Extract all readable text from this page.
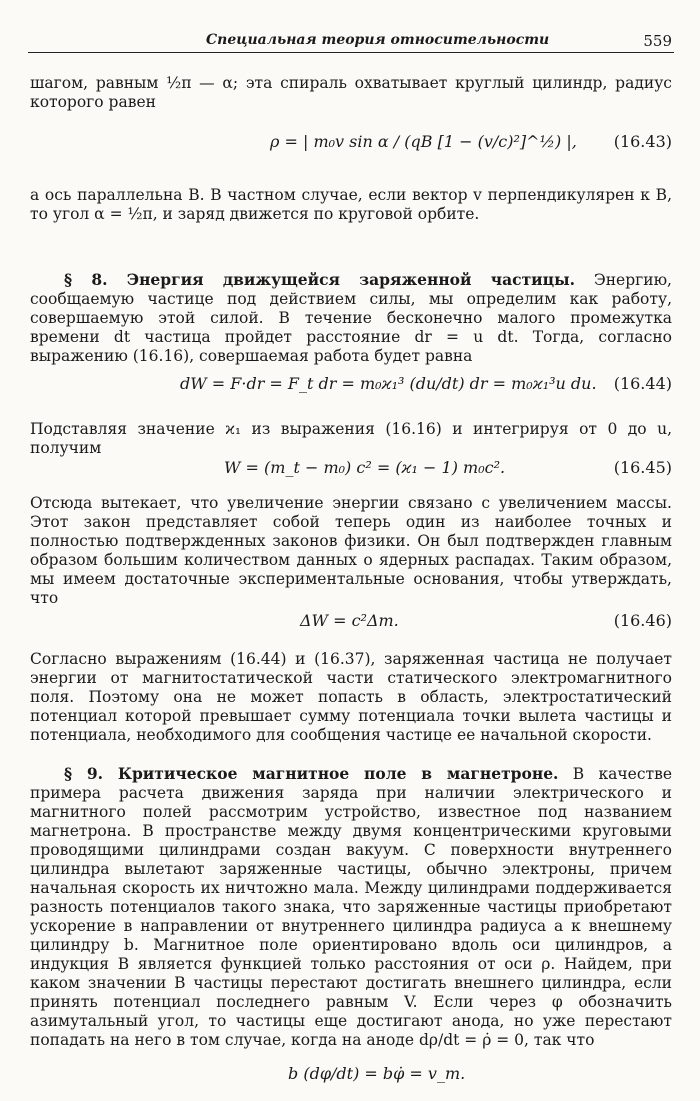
Специальная теория относительности	559
шагом, равным ½π — α; эта спираль охватывает круглый цилиндр, радиус которого равен
ρ = | m₀v sin α / (qB [1 − (v/c)²]^½) |, (16.43)
а ось параллельна B. В частном случае, если вектор v перпендикулярен к B, то угол α = ½π, и заряд движется по круговой орбите.
§ 8. Энергия движущейся заряженной частицы. Энергию, сообщаемую частице под действием силы, мы определим как работу, совершаемую этой силой. В течение бесконечно малого промежутка времени dt частица пройдет расстояние dr = u dt. Тогда, согласно выражению (16.16), совершаемая работа будет равна
dW = F·dr = F_t dr = m₀ϰ₁³ (du/dt) dr = m₀ϰ₁³u du. (16.44)
Подставляя значение ϰ₁ из выражения (16.16) и интегрируя от 0 до u, получим
W = (m_t − m₀) c² = (ϰ₁ − 1) m₀c².	(16.45)
Отсюда вытекает, что увеличение энергии связано с увеличением массы. Этот закон представляет собой теперь один из наиболее точных и полностью подтвержденных законов физики. Он был подтвержден главным образом большим количеством данных о ядерных распадах. Таким образом, мы имеем достаточные экспериментальные основания, чтобы утверждать, что
ΔW = c²Δm.	(16.46)
Согласно выражениям (16.44) и (16.37), заряженная частица не получает энергии от магнитостатической части статического электромагнитного поля. Поэтому она не может попасть в область, электростатический потенциал которой превышает сумму потенциала точки вылета частицы и потенциала, необходимого для сообщения частице ее начальной скорости.
§ 9. Критическое магнитное поле в магнетроне. В качестве примера расчета движения заряда при наличии электрического и магнитного полей рассмотрим устройство, известное под названием магнетрона. В пространстве между двумя концентрическими круговыми проводящими цилиндрами создан вакуум. С поверхности внутреннего цилиндра вылетают заряженные частицы, обычно электроны, причем начальная скорость их ничтожно мала. Между цилиндрами поддерживается разность потенциалов такого знака, что заряженные частицы приобретают ускорение в направлении от внутреннего цилиндра радиуса a к внешнему цилиндру b. Магнитное поле ориентировано вдоль оси цилиндров, а индукция B является функцией только расстояния от оси ρ. Найдем, при каком значении B частицы перестают достигать внешнего цилиндра, если принять потенциал последнего равным V. Если через φ обозначить азимутальный угол, то частицы еще достигают анода, но уже перестают попадать на него в том случае, когда на аноде dρ/dt = ρ̇ = 0, так что
b (dφ/dt) = bφ̇ = v_m.
